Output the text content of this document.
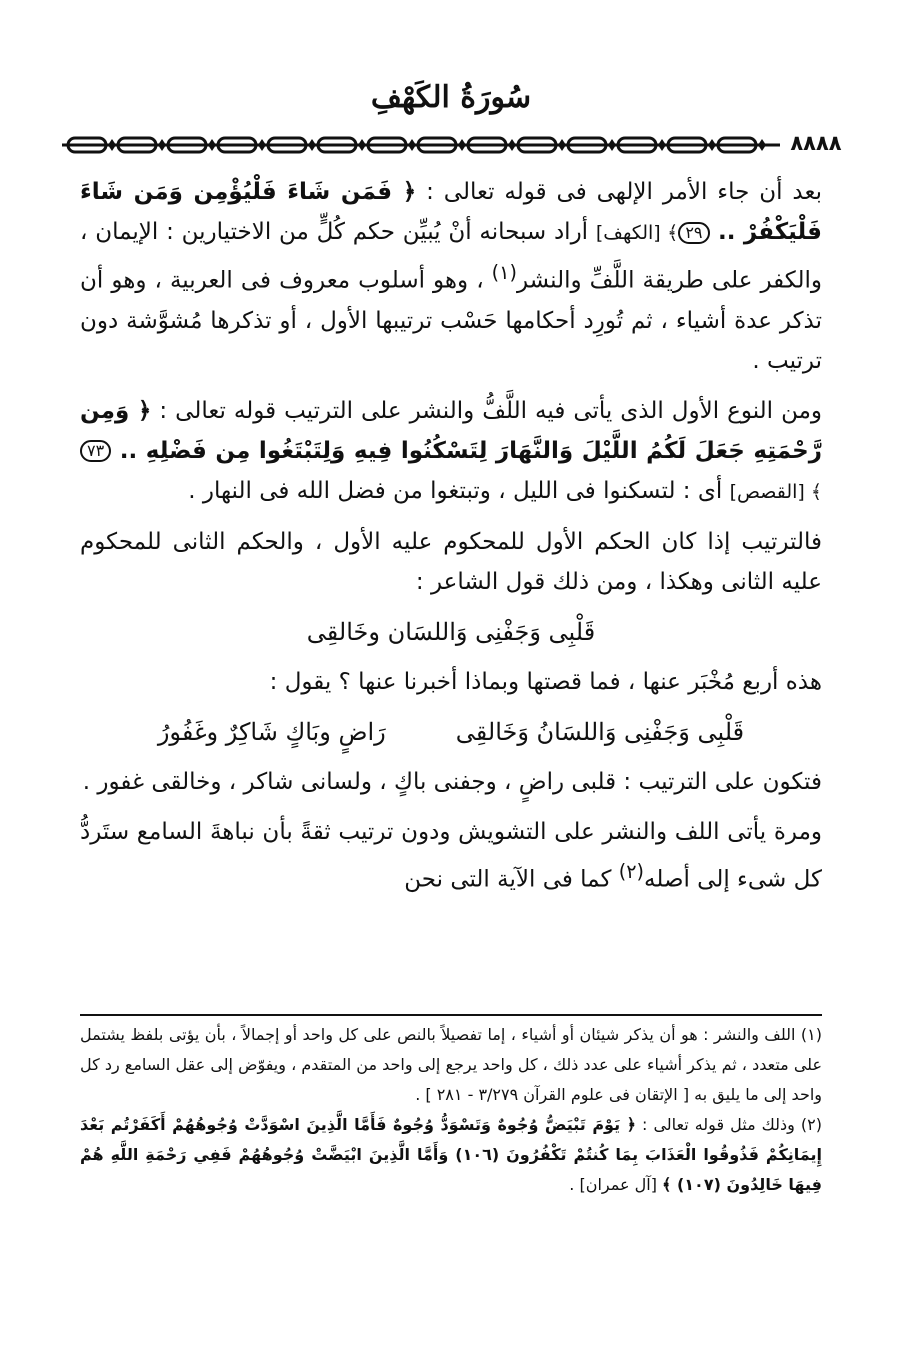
سُورَةُ الكَهْفِ
٨٨٨٨

بعد أن جاء الأمر الإلهى فى قوله تعالى : ﴿ فَمَن شَاءَ فَلْيُؤْمِن وَمَن شَاءَ فَلْيَكْفُرْ .. ٢٩﴾ [الكهف] أراد سبحانه أنْ يُبيِّن حكم كُلٍّ من الاختيارين : الإيمان ، والكفر على طريقة اللَّفِّ والنشر$^{(١)}$ ، وهو أسلوب معروف فى العربية ، وهو أن تذكر عدة أشياء ، ثم تُورِد أحكامها حَسْب ترتيبها الأول ، أو تذكرها مُشوَّشة دون ترتيب .

ومن النوع الأول الذى يأتى فيه اللَّفُّ والنشر على الترتيب قوله تعالى : ﴿ وَمِن رَّحْمَتِهِ جَعَلَ لَكُمُ اللَّيْلَ وَالنَّهَارَ لِتَسْكُنُوا فِيهِ وَلِتَبْتَغُوا مِن فَضْلِهِ .. ٧٣﴾ [القصص] أى : لتسكنوا فى الليل ، وتبتغوا من فضل الله فى النهار .

فالترتيب إذا كان الحكم الأول للمحكوم عليه الأول ، والحكم الثانى للمحكوم عليه الثانى وهكذا ، ومن ذلك قول الشاعر :

قَلْبِى وَجَفْنِى وَاللسَان وخَالقِى

هذه أربع مُخْبَر عنها ، فما قصتها وبماذا أخبرنا عنها ؟ يقول :

قَلْبِى وَجَفْنِى وَاللسَانُ وَخَالقِى
رَاضٍ وبَاكٍ شَاكِرٌ وغَفُورُ

فتكون على الترتيب : قلبى راضٍ ، وجفنى باكٍ ، ولسانى شاكر ، وخالقى غفور .

ومرة يأتى اللف والنشر على التشويش ودون ترتيب ثقةً بأن نباهةَ السامع ستَردُّ كل شىء إلى أصله$^{(٢)}$ كما فى الآية التى نحن

(١) اللف والنشر : هو أن يذكر شيئان أو أشياء ، إما تفصيلاً بالنص على كل واحد أو إجمالاً ، بأن يؤتى بلفظ يشتمل على متعدد ، ثم يذكر أشياء على عدد ذلك ، كل واحد يرجع إلى واحد من المتقدم ، ويفوّض إلى عقل السامع رد كل واحد إلى ما يليق به [ الإتقان فى علوم القرآن ٣/٢٧٩ - ٢٨١ ] .

(٢) وذلك مثل قوله تعالى : ﴿ يَوْمَ تَبْيَضُّ وُجُوهٌ وَتَسْوَدُّ وُجُوهٌ فَأَمَّا الَّذِينَ اسْوَدَّتْ وُجُوهُهُمْ أَكَفَرْتُم بَعْدَ إِيمَانِكُمْ فَذُوقُوا الْعَذَابَ بِمَا كُنتُمْ تَكْفُرُونَ (١٠٦) وَأَمَّا الَّذِينَ ابْيَضَّتْ وُجُوهُهُمْ فَفِي رَحْمَةِ اللَّهِ هُمْ فِيهَا خَالِدُونَ (١٠٧) ﴾ [آل عمران] .
